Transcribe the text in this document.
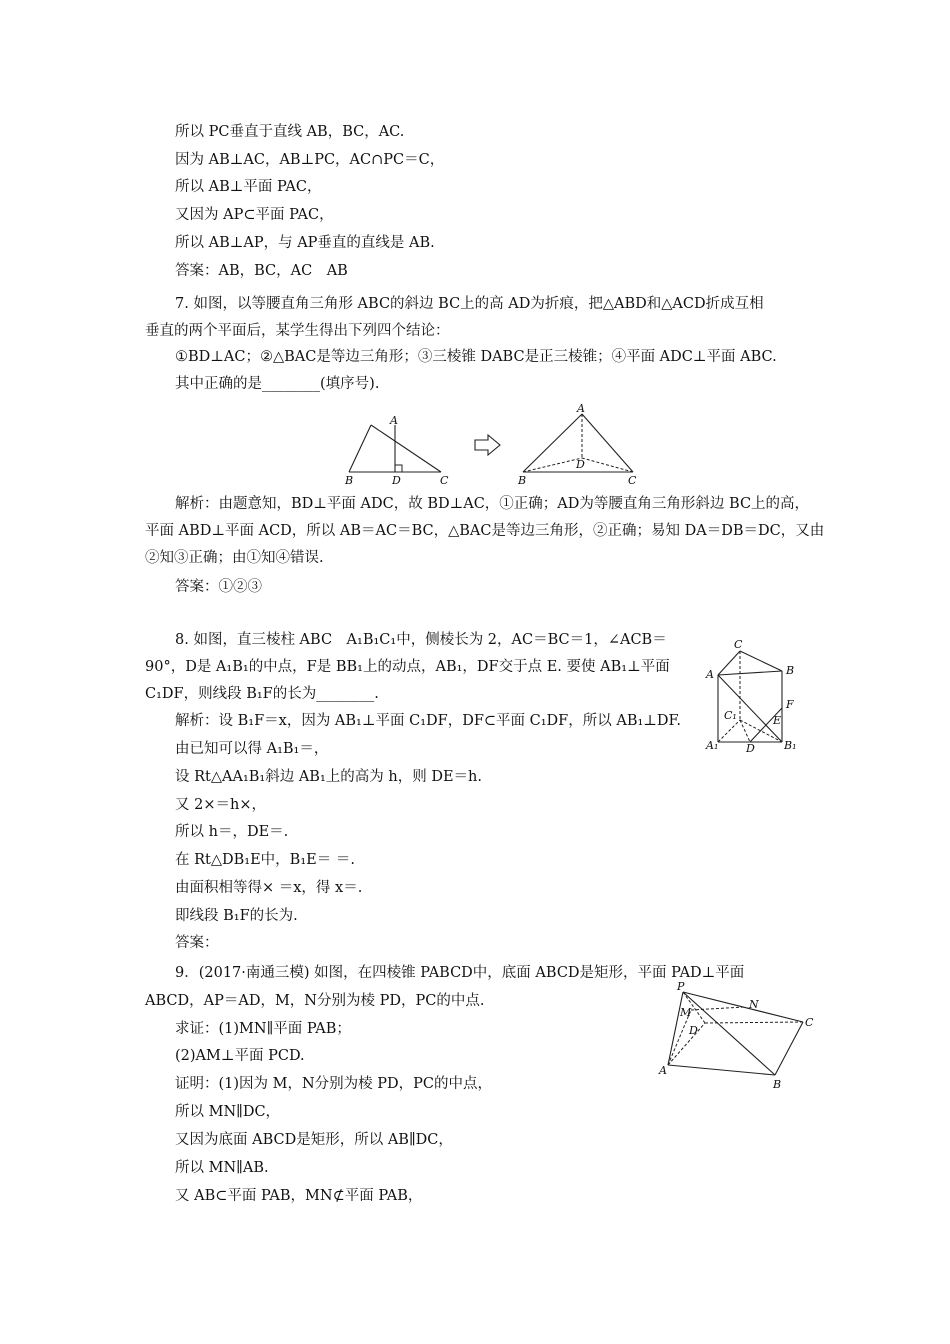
所以 PC垂直于直线 AB，BC，AC.
因为 AB⊥AC，AB⊥PC，AC∩PC＝C，
所以 AB⊥平面 PAC，
又因为 AP⊂平面 PAC，
所以 AB⊥AP，与 AP垂直的直线是 AB.
答案：AB，BC，AC　AB
7. 如图，以等腰直角三角形 ABC的斜边 BC上的高 AD为折痕，把△ABD和△ACD折成互相
垂直的两个平面后，某学生得出下列四个结论：
①BD⊥AC；②△BAC是等边三角形；③三棱锥 DABC是正三棱锥；④平面 ADC⊥平面 ABC.
其中正确的是________(填序号).
A
B	D	C
A
D
B	C
解析：由题意知，BD⊥平面 ADC，故 BD⊥AC，①正确；AD为等腰直角三角形斜边 BC上的高，
平面 ABD⊥平面 ACD，所以 AB＝AC＝BC，△BAC是等边三角形，②正确；易知 DA＝DB＝DC，又由
②知③正确；由①知④错误.
答案：①②③
8. 如图，直三棱柱 ABC　A₁B₁C₁中，侧棱长为 2，AC＝BC＝1，∠ACB＝
90°，D是 A₁B₁的中点，F是 BB₁上的动点，AB₁，DF交于点 E. 要使 AB₁⊥平面
C₁DF，则线段 B₁F的长为________.
解析：设 B₁F＝x，因为 AB₁⊥平面 C₁DF，DF⊂平面 C₁DF，所以 AB₁⊥DF.
由已知可以得 A₁B₁＝，
设 Rt△AA₁B₁斜边 AB₁上的高为 h，则 DE＝h.
又 2×＝h×，
所以 h＝，DE＝.
在 Rt△DB₁E中，B₁E＝ ＝.
由面积相等得× ＝x，得 x＝.
即线段 B₁F的长为.
答案：
C
A	B
F
C₁	E
A₁	D	B₁
9．(2017·南通三模) 如图，在四棱锥 PABCD中，底面 ABCD是矩形，平面 PAD⊥平面
ABCD，AP＝AD，M，N分别为棱 PD，PC的中点.
求证：(1)MN∥平面 PAB；
(2)AM⊥平面 PCD.
证明：(1)因为 M，N分别为棱 PD，PC的中点，
所以 MN∥DC，
又因为底面 ABCD是矩形，所以 AB∥DC，
所以 MN∥AB.
又 AB⊂平面 PAB，MN⊄平面 PAB，
P
N
M
D
C
A
B
